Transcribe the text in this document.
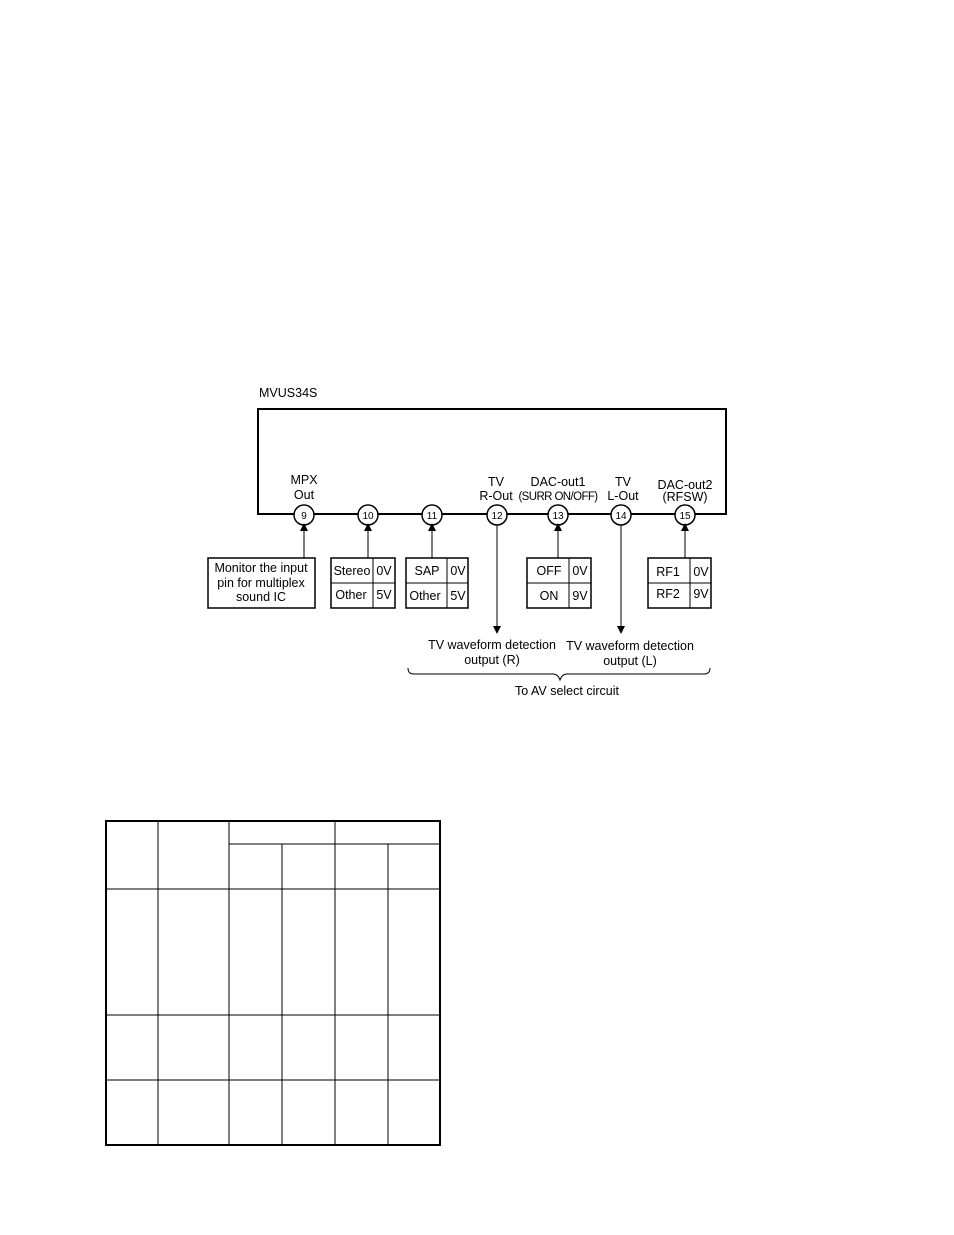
MVUS34S
MPX
Out
TV
R-Out
DAC-out1
(SURR ON/OFF)
TV
L-Out
DAC-out2
(RFSW)
9	10	11	12	13	14	15
Monitor the input
pin for multiplex
sound IC
Stereo 0V
Other 5V
SAP 0V
Other 5V
OFF 0V
ON 9V
RF1 0V
RF2 9V
TV waveform detection
output (R)
TV waveform detection
output (L)
To AV select circuit
